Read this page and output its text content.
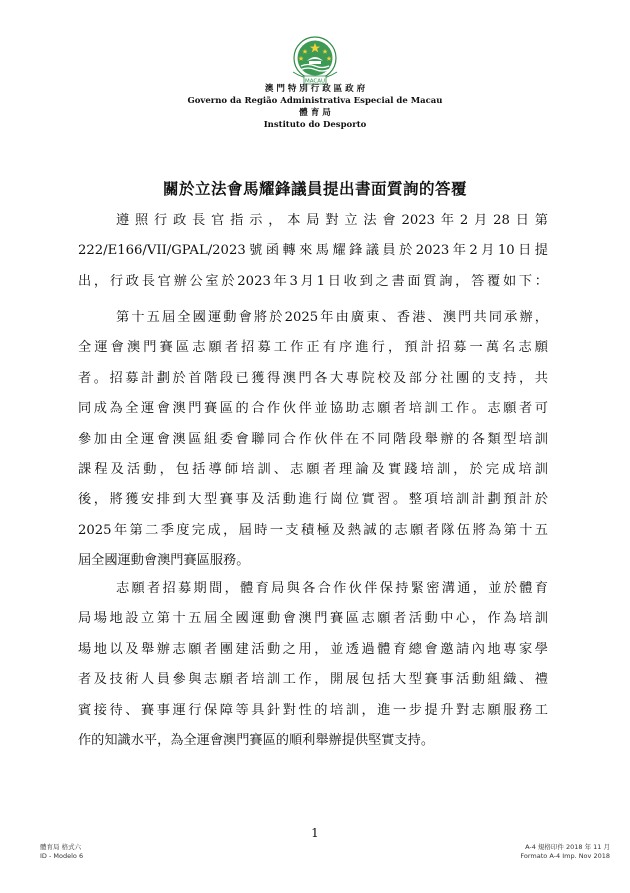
MACAU
澳 門 特 別 行 政 區 政 府
Governo da Região Administrativa Especial de Macau
體 育 局
Instituto do Desporto
關於立法會馬耀鋒議員提出書面質詢的答覆
遵照行政長官指示，本局對立法會2023年2月28日第
222/E166/VII/GPAL/2023號函轉來馬耀鋒議員於2023年2月10日提
出，行政長官辦公室於2023年3月1日收到之書面質詢，答覆如下：
第十五屆全國運動會將於2025年由廣東、香港、澳門共同承辦，
全運會澳門賽區志願者招募工作正有序進行，預計招募一萬名志願
者。招募計劃於首階段已獲得澳門各大專院校及部分社團的支持，共
同成為全運會澳門賽區的合作伙伴並協助志願者培訓工作。志願者可
參加由全運會澳區組委會聯同合作伙伴在不同階段舉辦的各類型培訓
課程及活動，包括導師培訓、志願者理論及實踐培訓，於完成培訓
後，將獲安排到大型賽事及活動進行崗位實習。整項培訓計劃預計於
2025年第二季度完成，屆時一支積極及熱誠的志願者隊伍將為第十五
屆全國運動會澳門賽區服務。
志願者招募期間，體育局與各合作伙伴保持緊密溝通，並於體育
局場地設立第十五屆全國運動會澳門賽區志願者活動中心，作為培訓
場地以及舉辦志願者團建活動之用，並透過體育總會邀請內地專家學
者及技術人員參與志願者培訓工作，開展包括大型賽事活動組織、禮
賓接待、賽事運行保障等具針對性的培訓，進一步提升對志願服務工
作的知識水平，為全運會澳門賽區的順利舉辦提供堅實支持。
1
體育局 格式六
ID - Modelo 6
A-4 規格印件 2018 年 11 月
Formato A-4 Imp. Nov 2018
